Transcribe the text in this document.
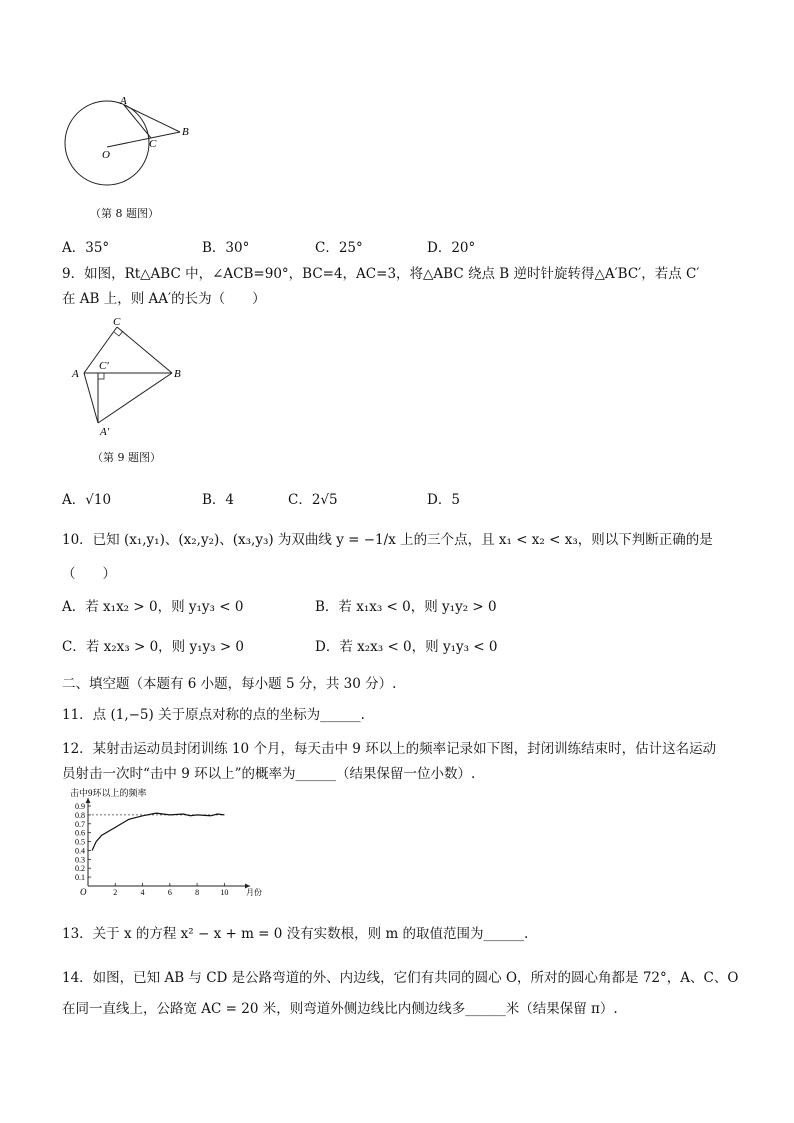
A
B
C
O
（第 8 题图）
A．35°	B．30°	C．25°	D．20°
9．如图，Rt△ABC 中，∠ACB=90°，BC=4，AC=3，将△ABC 绕点 B 逆时针旋转得△A′BC′，若点 C′
在 AB 上，则 AA′的长为（　　）
C
A	B
C′
A′
（第 9 题图）
A．√10	B．4	C．2√5	D．5
10．已知 (x₁,y₁)、(x₂,y₂)、(x₃,y₃) 为双曲线 y = −1/x 上的三个点，且 x₁ < x₂ < x₃，则以下判断正确的是
（　　）
A．若 x₁x₂ > 0，则 y₁y₃ < 0	B．若 x₁x₃ < 0，则 y₁y₂ > 0
C．若 x₂x₃ > 0，则 y₁y₃ > 0	D．若 x₂x₃ < 0，则 y₁y₃ < 0
二、填空题（本题有 6 小题，每小题 5 分，共 30 分）.
11．点 (1,−5) 关于原点对称的点的坐标为______.
12．某射击运动员封闭训练 10 个月，每天击中 9 环以上的频率记录如下图，封闭训练结束时，估计这名运动
员射击一次时“击中 9 环以上”的概率为______（结果保留一位小数）.
击中9环以上的频率
0.1
0.2
0.3
0.4
0.5
0.6
0.7
0.8
0.9
2	4	6	8	10
O	月份
13．关于 x 的方程 x² − x + m = 0 没有实数根，则 m 的取值范围为______.
14．如图，已知 AB 与 CD 是公路弯道的外、内边线，它们有共同的圆心 O，所对的圆心角都是 72°，A、C、O
在同一直线上，公路宽 AC = 20 米，则弯道外侧边线比内侧边线多______米（结果保留 π）.
